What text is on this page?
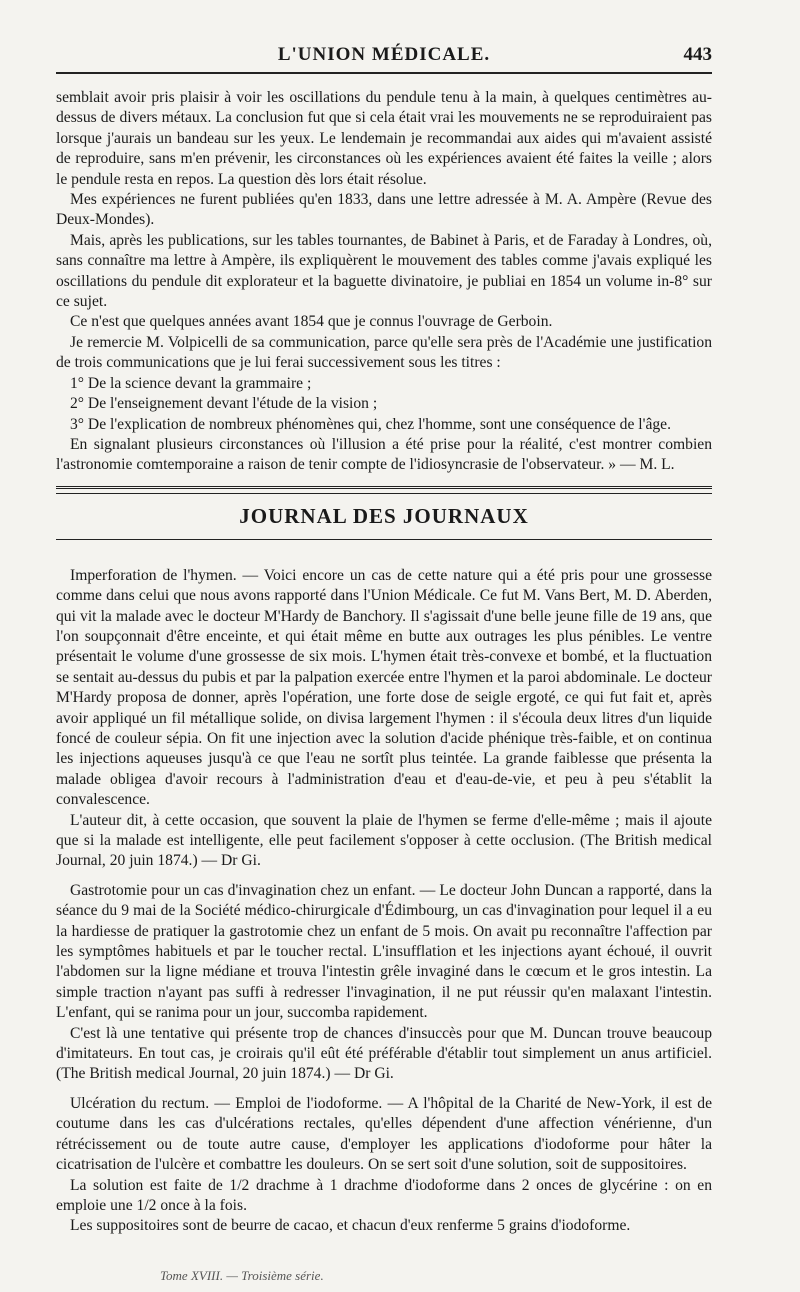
L'UNION MÉDICALE.	443

semblait avoir pris plaisir à voir les oscillations du pendule tenu à la main, à quelques centimètres au-dessus de divers métaux. La conclusion fut que si cela était vrai les mouvements ne se reproduiraient pas lorsque j'aurais un bandeau sur les yeux. Le lendemain je recommandai aux aides qui m'avaient assisté de reproduire, sans m'en prévenir, les circonstances où les expériences avaient été faites la veille ; alors le pendule resta en repos. La question dès lors était résolue.

Mes expériences ne furent publiées qu'en 1833, dans une lettre adressée à M. A. Ampère (Revue des Deux-Mondes).

Mais, après les publications, sur les tables tournantes, de Babinet à Paris, et de Faraday à Londres, où, sans connaître ma lettre à Ampère, ils expliquèrent le mouvement des tables comme j'avais expliqué les oscillations du pendule dit explorateur et la baguette divinatoire, je publiai en 1854 un volume in-8° sur ce sujet.

Ce n'est que quelques années avant 1854 que je connus l'ouvrage de Gerboin.

Je remercie M. Volpicelli de sa communication, parce qu'elle sera près de l'Académie une justification de trois communications que je lui ferai successivement sous les titres :

1° De la science devant la grammaire ;

2° De l'enseignement devant l'étude de la vision ;

3° De l'explication de nombreux phénomènes qui, chez l'homme, sont une conséquence de l'âge.

En signalant plusieurs circonstances où l'illusion a été prise pour la réalité, c'est montrer combien l'astronomie comtemporaine a raison de tenir compte de l'idiosyncrasie de l'observateur. » — M. L.

JOURNAL DES JOURNAUX

Imperforation de l'hymen. — Voici encore un cas de cette nature qui a été pris pour une grossesse comme dans celui que nous avons rapporté dans l'Union Médicale. Ce fut M. Vans Bert, M. D. Aberden, qui vit la malade avec le docteur M'Hardy de Banchory. Il s'agissait d'une belle jeune fille de 19 ans, que l'on soupçonnait d'être enceinte, et qui était même en butte aux outrages les plus pénibles. Le ventre présentait le volume d'une grossesse de six mois. L'hymen était très-convexe et bombé, et la fluctuation se sentait au-dessus du pubis et par la palpation exercée entre l'hymen et la paroi abdominale. Le docteur M'Hardy proposa de donner, après l'opération, une forte dose de seigle ergoté, ce qui fut fait et, après avoir appliqué un fil métallique solide, on divisa largement l'hymen : il s'écoula deux litres d'un liquide foncé de couleur sépia. On fit une injection avec la solution d'acide phénique très-faible, et on continua les injections aqueuses jusqu'à ce que l'eau ne sortît plus teintée. La grande faiblesse que présenta la malade obligea d'avoir recours à l'administration d'eau et d'eau-de-vie, et peu à peu s'établit la convalescence.

L'auteur dit, à cette occasion, que souvent la plaie de l'hymen se ferme d'elle-même ; mais il ajoute que si la malade est intelligente, elle peut facilement s'opposer à cette occlusion. (The British medical Journal, 20 juin 1874.) — Dr Gi.

Gastrotomie pour un cas d'invagination chez un enfant. — Le docteur John Duncan a rapporté, dans la séance du 9 mai de la Société médico-chirurgicale d'Édimbourg, un cas d'invagination pour lequel il a eu la hardiesse de pratiquer la gastrotomie chez un enfant de 5 mois. On avait pu reconnaître l'affection par les symptômes habituels et par le toucher rectal. L'insufflation et les injections ayant échoué, il ouvrit l'abdomen sur la ligne médiane et trouva l'intestin grêle invaginé dans le cœcum et le gros intestin. La simple traction n'ayant pas suffi à redresser l'invagination, il ne put réussir qu'en malaxant l'intestin. L'enfant, qui se ranima pour un jour, succomba rapidement.

C'est là une tentative qui présente trop de chances d'insuccès pour que M. Duncan trouve beaucoup d'imitateurs. En tout cas, je croirais qu'il eût été préférable d'établir tout simplement un anus artificiel. (The British medical Journal, 20 juin 1874.) — Dr Gi.

Ulcération du rectum. — Emploi de l'iodoforme. — A l'hôpital de la Charité de New-York, il est de coutume dans les cas d'ulcérations rectales, qu'elles dépendent d'une affection vénérienne, d'un rétrécissement ou de toute autre cause, d'employer les applications d'iodoforme pour hâter la cicatrisation de l'ulcère et combattre les douleurs. On se sert soit d'une solution, soit de suppositoires.

La solution est faite de 1/2 drachme à 1 drachme d'iodoforme dans 2 onces de glycérine : on en emploie une 1/2 once à la fois.

Les suppositoires sont de beurre de cacao, et chacun d'eux renferme 5 grains d'iodoforme.

Tome XVIII. — Troisième série.
